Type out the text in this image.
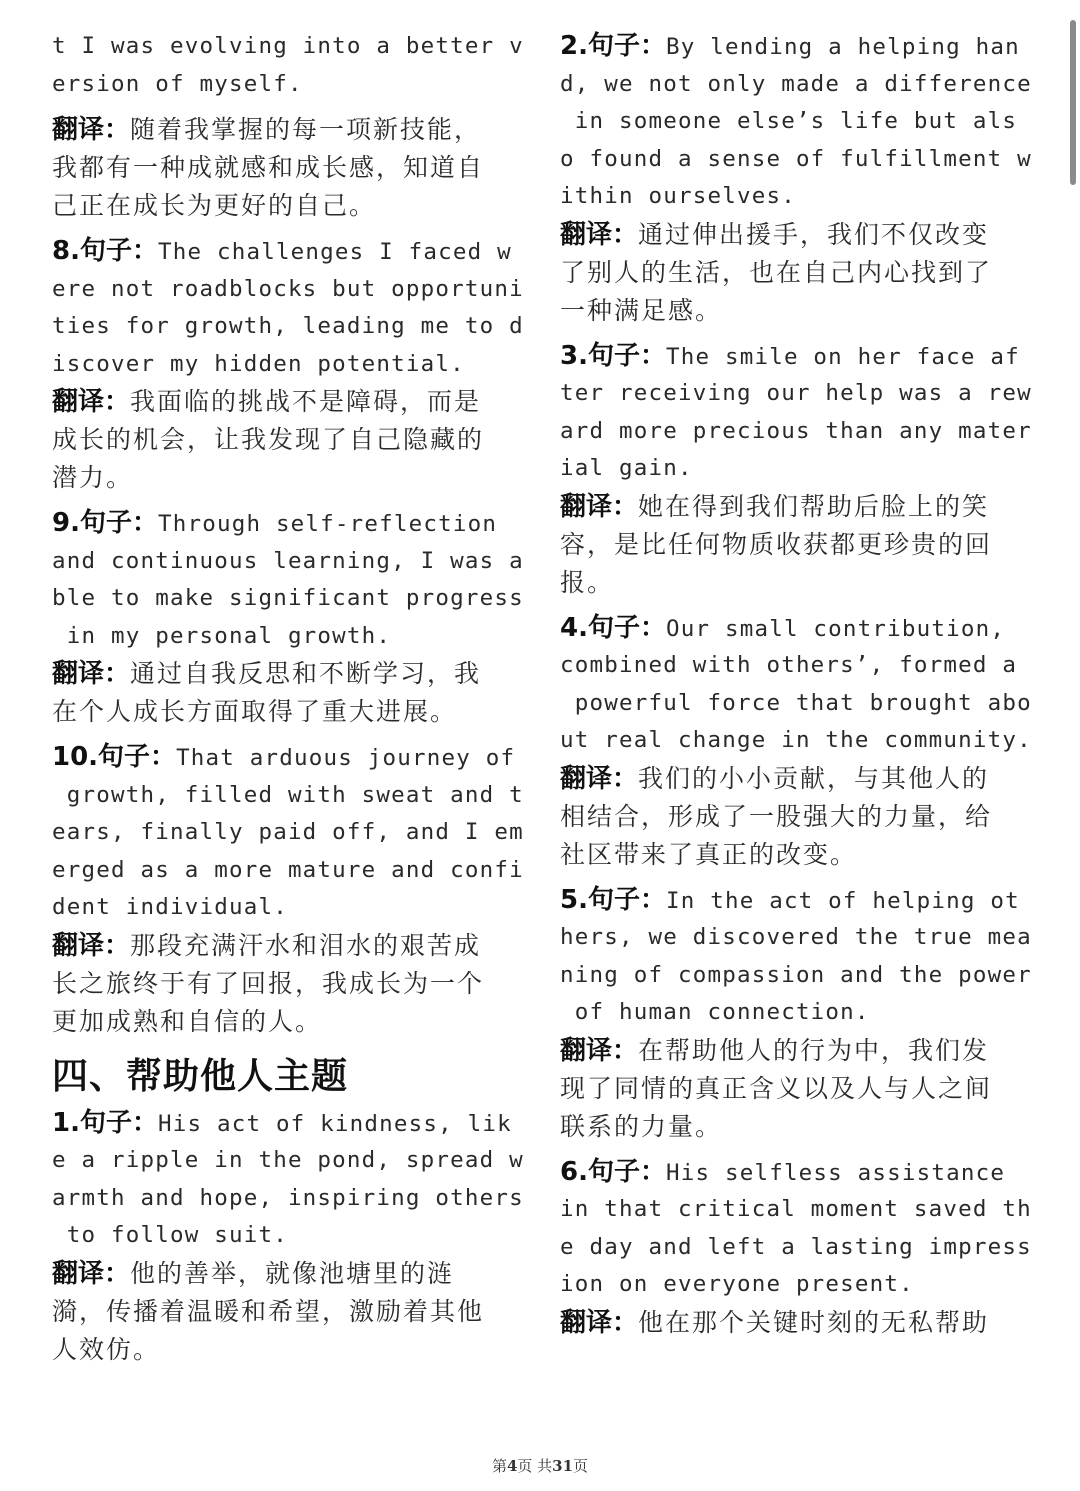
t I was evolving into a better v
ersion of myself.
翻译：随着我掌握的每一项新技能，
我都有一种成就感和成长感，知道自
己正在成长为更好的自己。
8.句子：The challenges I faced w
ere not roadblocks but opportuni
ties for growth, leading me to d
iscover my hidden potential.
翻译：我面临的挑战不是障碍，而是
成长的机会，让我发现了自己隐藏的
潜力。
9.句子：Through self-reflection
and continuous learning, I was a
ble to make significant progress
in my personal growth.
翻译：通过自我反思和不断学习，我
在个人成长方面取得了重大进展。
10.句子：That arduous journey of
growth, filled with sweat and t
ears, finally paid off, and I em
erged as a more mature and confi
dent individual.
翻译：那段充满汗水和泪水的艰苦成
长之旅终于有了回报，我成长为一个
更加成熟和自信的人。
四、帮助他人主题
1.句子：His act of kindness, lik
e a ripple in the pond, spread w
armth and hope, inspiring others
to follow suit.
翻译：他的善举，就像池塘里的涟
漪，传播着温暖和希望，激励着其他
人效仿。
2.句子：By lending a helping han
d, we not only made a difference
in someone else’s life but als
o found a sense of fulfillment w
ithin ourselves.
翻译：通过伸出援手，我们不仅改变
了别人的生活，也在自己内心找到了
一种满足感。
3.句子：The smile on her face af
ter receiving our help was a rew
ard more precious than any mater
ial gain.
翻译：她在得到我们帮助后脸上的笑
容，是比任何物质收获都更珍贵的回
报。
4.句子：Our small contribution,
combined with others’, formed a
powerful force that brought abo
ut real change in the community.
翻译：我们的小小贡献，与其他人的
相结合，形成了一股强大的力量，给
社区带来了真正的改变。
5.句子：In the act of helping ot
hers, we discovered the true mea
ning of compassion and the power
of human connection.
翻译：在帮助他人的行为中，我们发
现了同情的真正含义以及人与人之间
联系的力量。
6.句子：His selfless assistance
in that critical moment saved th
e day and left a lasting impress
ion on everyone present.
翻译：他在那个关键时刻的无私帮助
第4页 共31页
